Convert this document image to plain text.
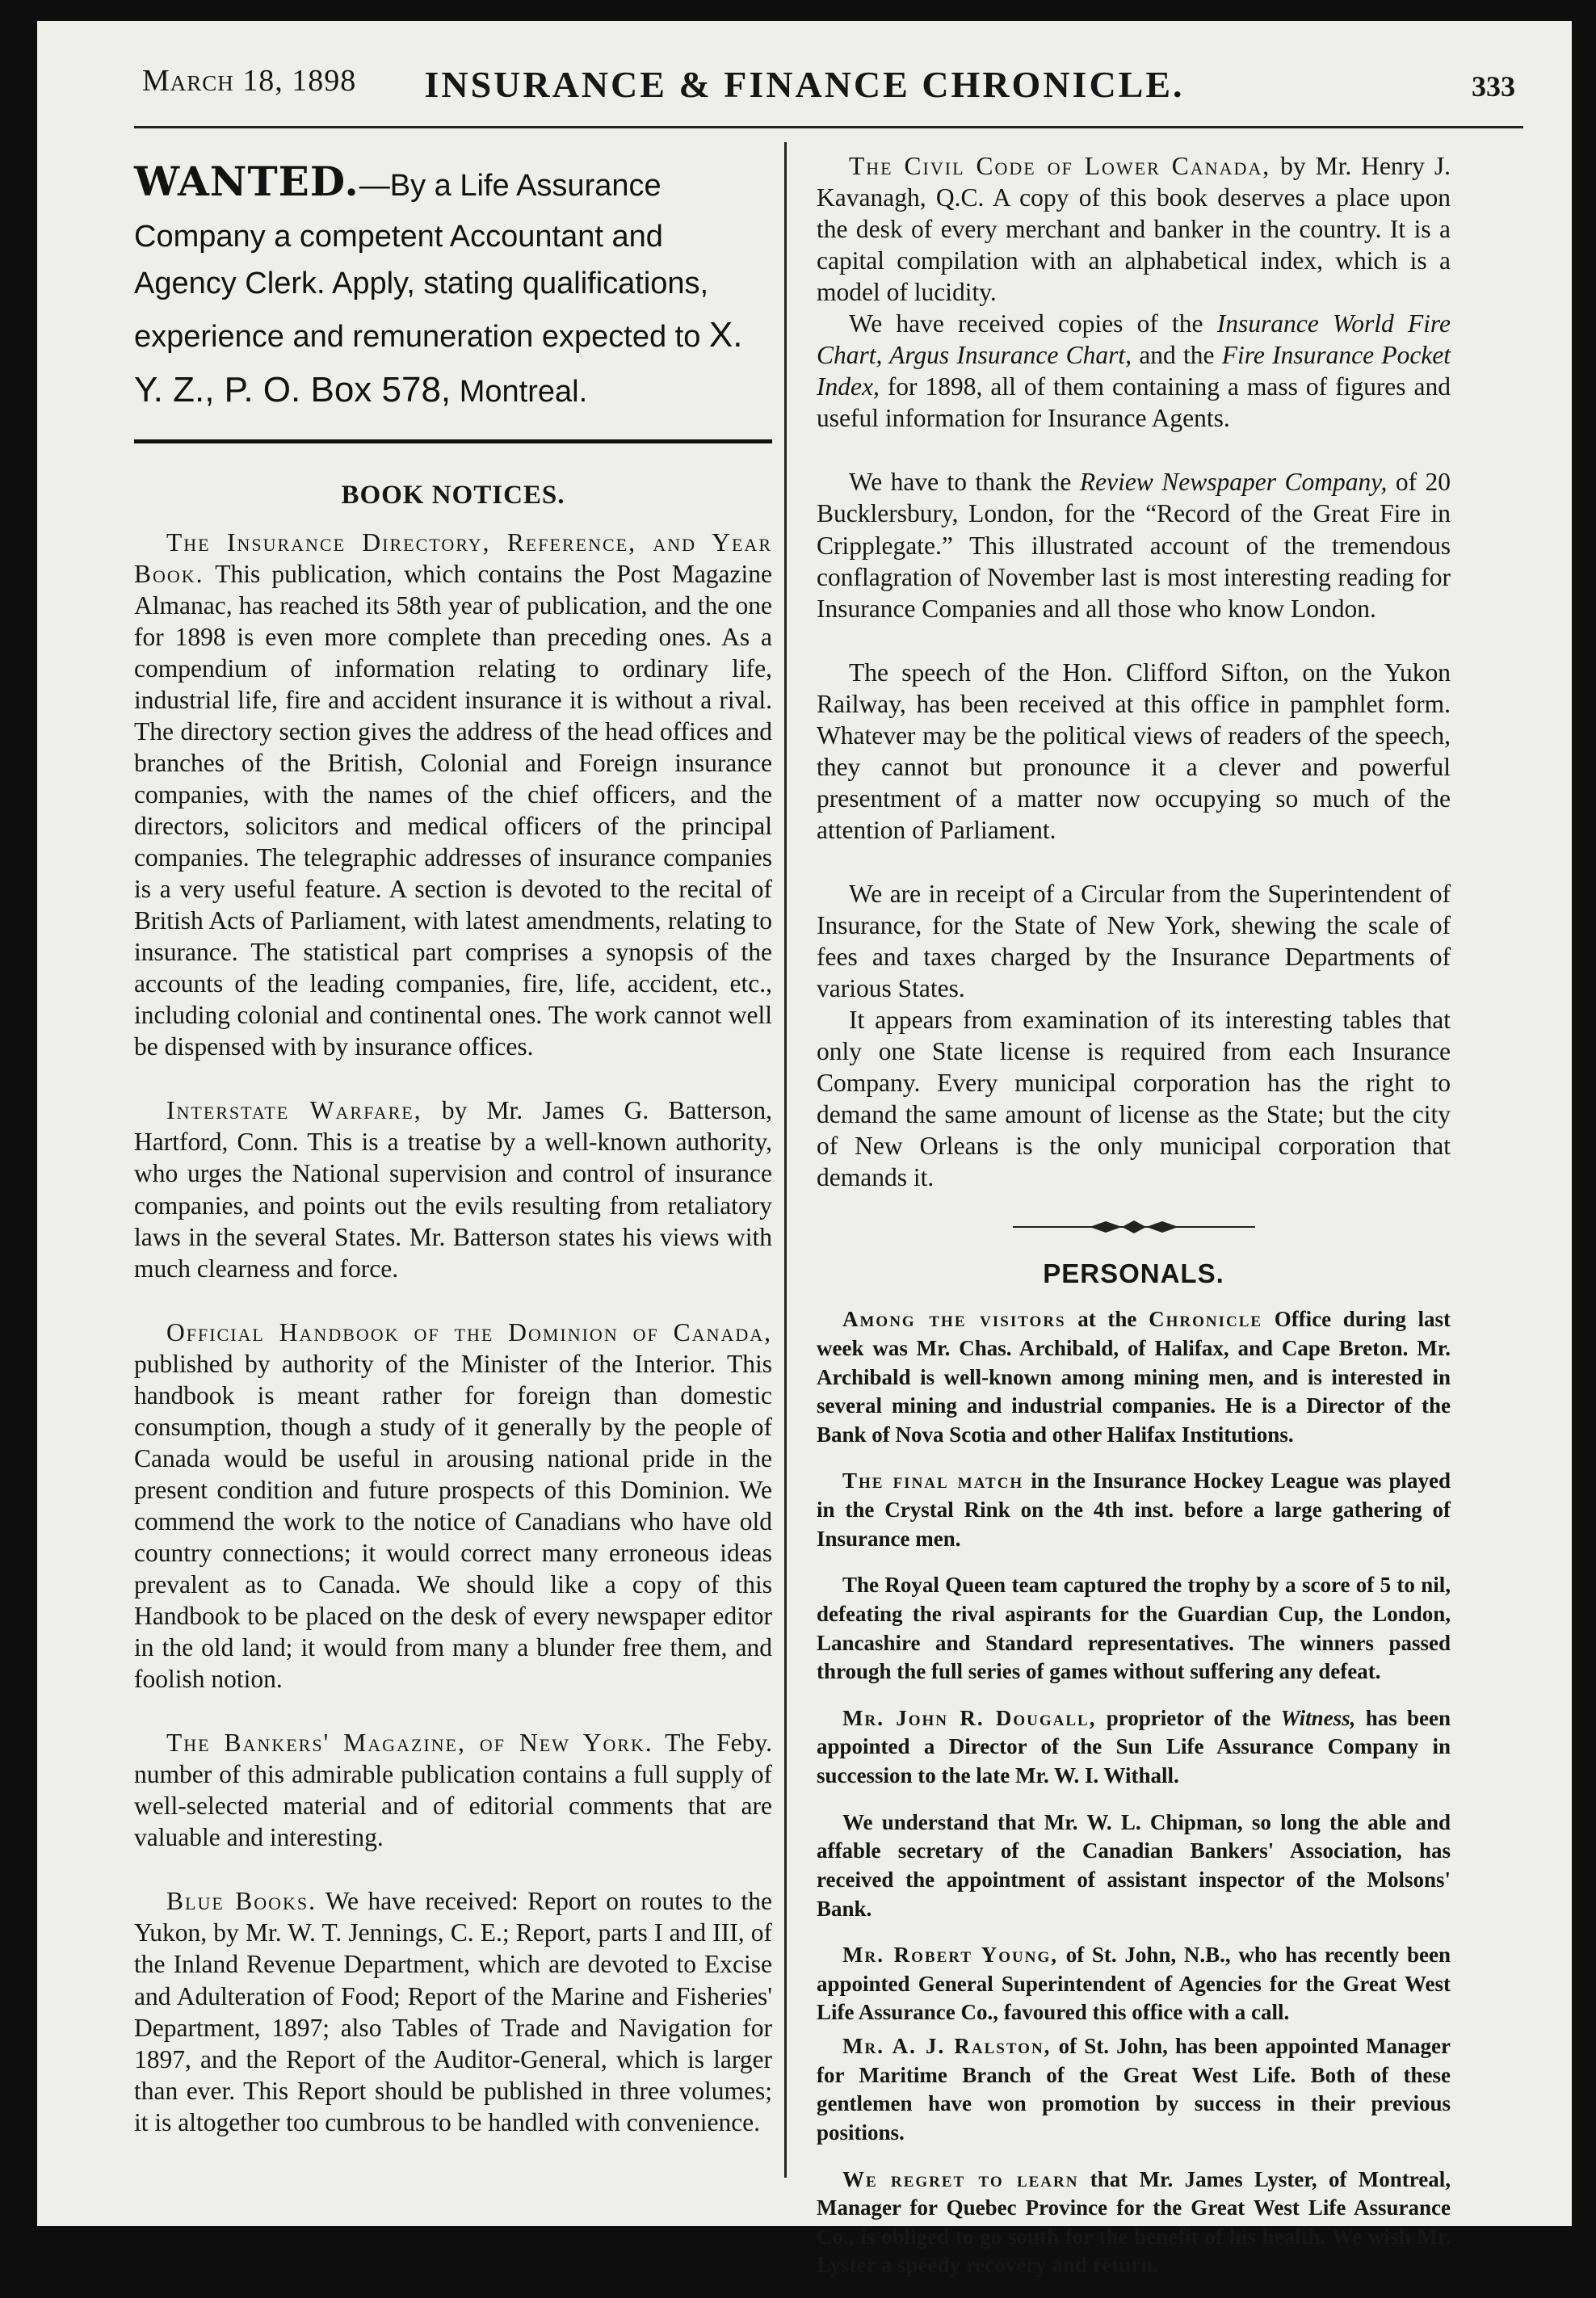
March 18, 1898	INSURANCE & FINANCE CHRONICLE.	333
WANTED.—By a Life Assurance Company a competent Accountant and Agency Clerk. Apply, stating qualifications, experience and remuneration expected to X. Y. Z., P. O. Box 578, Montreal.
BOOK NOTICES.

The Insurance Directory, Reference, and Year Book. This publication, which contains the Post Magazine Almanac, has reached its 58th year of publication, and the one for 1898 is even more complete than preceding ones. As a compendium of information relating to ordinary life, industrial life, fire and accident insurance it is without a rival. The directory section gives the address of the head offices and branches of the British, Colonial and Foreign insurance companies, with the names of the chief officers, and the directors, solicitors and medical officers of the principal companies. The telegraphic addresses of insurance companies is a very useful feature. A section is devoted to the recital of British Acts of Parliament, with latest amendments, relating to insurance. The statistical part comprises a synopsis of the accounts of the leading companies, fire, life, accident, etc., including colonial and continental ones. The work cannot well be dispensed with by insurance offices.

Interstate Warfare, by Mr. James G. Batterson, Hartford, Conn. This is a treatise by a well-known authority, who urges the National supervision and control of insurance companies, and points out the evils resulting from retaliatory laws in the several States. Mr. Batterson states his views with much clearness and force.

Official Handbook of the Dominion of Canada, published by authority of the Minister of the Interior. This handbook is meant rather for foreign than domestic consumption, though a study of it generally by the people of Canada would be useful in arousing national pride in the present condition and future prospects of this Dominion. We commend the work to the notice of Canadians who have old country connections; it would correct many erroneous ideas prevalent as to Canada. We should like a copy of this Handbook to be placed on the desk of every newspaper editor in the old land; it would from many a blunder free them, and foolish notion.

The Bankers' Magazine, of New York. The Feby. number of this admirable publication contains a full supply of well-selected material and of editorial comments that are valuable and interesting.

Blue Books. We have received: Report on routes to the Yukon, by Mr. W. T. Jennings, C. E.; Report, parts I and III, of the Inland Revenue Department, which are devoted to Excise and Adulteration of Food; Report of the Marine and Fisheries' Department, 1897; also Tables of Trade and Navigation for 1897, and the Report of the Auditor-General, which is larger than ever. This Report should be published in three volumes; it is altogether too cumbrous to be handled with convenience.

The Civil Code of Lower Canada, by Mr. Henry J. Kavanagh, Q.C. A copy of this book deserves a place upon the desk of every merchant and banker in the country. It is a capital compilation with an alphabetical index, which is a model of lucidity.

We have received copies of the Insurance World Fire Chart, Argus Insurance Chart, and the Fire Insurance Pocket Index, for 1898, all of them containing a mass of figures and useful information for Insurance Agents.

We have to thank the Review Newspaper Company, of 20 Bucklersbury, London, for the “Record of the Great Fire in Cripplegate.” This illustrated account of the tremendous conflagration of November last is most interesting reading for Insurance Companies and all those who know London.

The speech of the Hon. Clifford Sifton, on the Yukon Railway, has been received at this office in pamphlet form. Whatever may be the political views of readers of the speech, they cannot but pronounce it a clever and powerful presentment of a matter now occupying so much of the attention of Parliament.

We are in receipt of a Circular from the Superintendent of Insurance, for the State of New York, shewing the scale of fees and taxes charged by the Insurance Departments of various States.

It appears from examination of its interesting tables that only one State license is required from each Insurance Company. Every municipal corporation has the right to demand the same amount of license as the State; but the city of New Orleans is the only municipal corporation that demands it.

PERSONALS.

Among the visitors at the Chronicle Office during last week was Mr. Chas. Archibald, of Halifax, and Cape Breton. Mr. Archibald is well-known among mining men, and is interested in several mining and industrial companies. He is a Director of the Bank of Nova Scotia and other Halifax Institutions.

The final match in the Insurance Hockey League was played in the Crystal Rink on the 4th inst. before a large gathering of Insurance men.

The Royal Queen team captured the trophy by a score of 5 to nil, defeating the rival aspirants for the Guardian Cup, the London, Lancashire and Standard representatives. The winners passed through the full series of games without suffering any defeat.

Mr. John R. Dougall, proprietor of the Witness, has been appointed a Director of the Sun Life Assurance Company in succession to the late Mr. W. I. Withall.

We understand that Mr. W. L. Chipman, so long the able and affable secretary of the Canadian Bankers' Association, has received the appointment of assistant inspector of the Molsons' Bank.

Mr. Robert Young, of St. John, N.B., who has recently been appointed General Superintendent of Agencies for the Great West Life Assurance Co., favoured this office with a call.

Mr. A. J. Ralston, of St. John, has been appointed Manager for Maritime Branch of the Great West Life. Both of these gentlemen have won promotion by success in their previous positions.

We regret to learn that Mr. James Lyster, of Montreal, Manager for Quebec Province for the Great West Life Assurance Co., is obliged to go south for the benefit of his health. We wish Mr. Lyster a speedy recovery and return.
